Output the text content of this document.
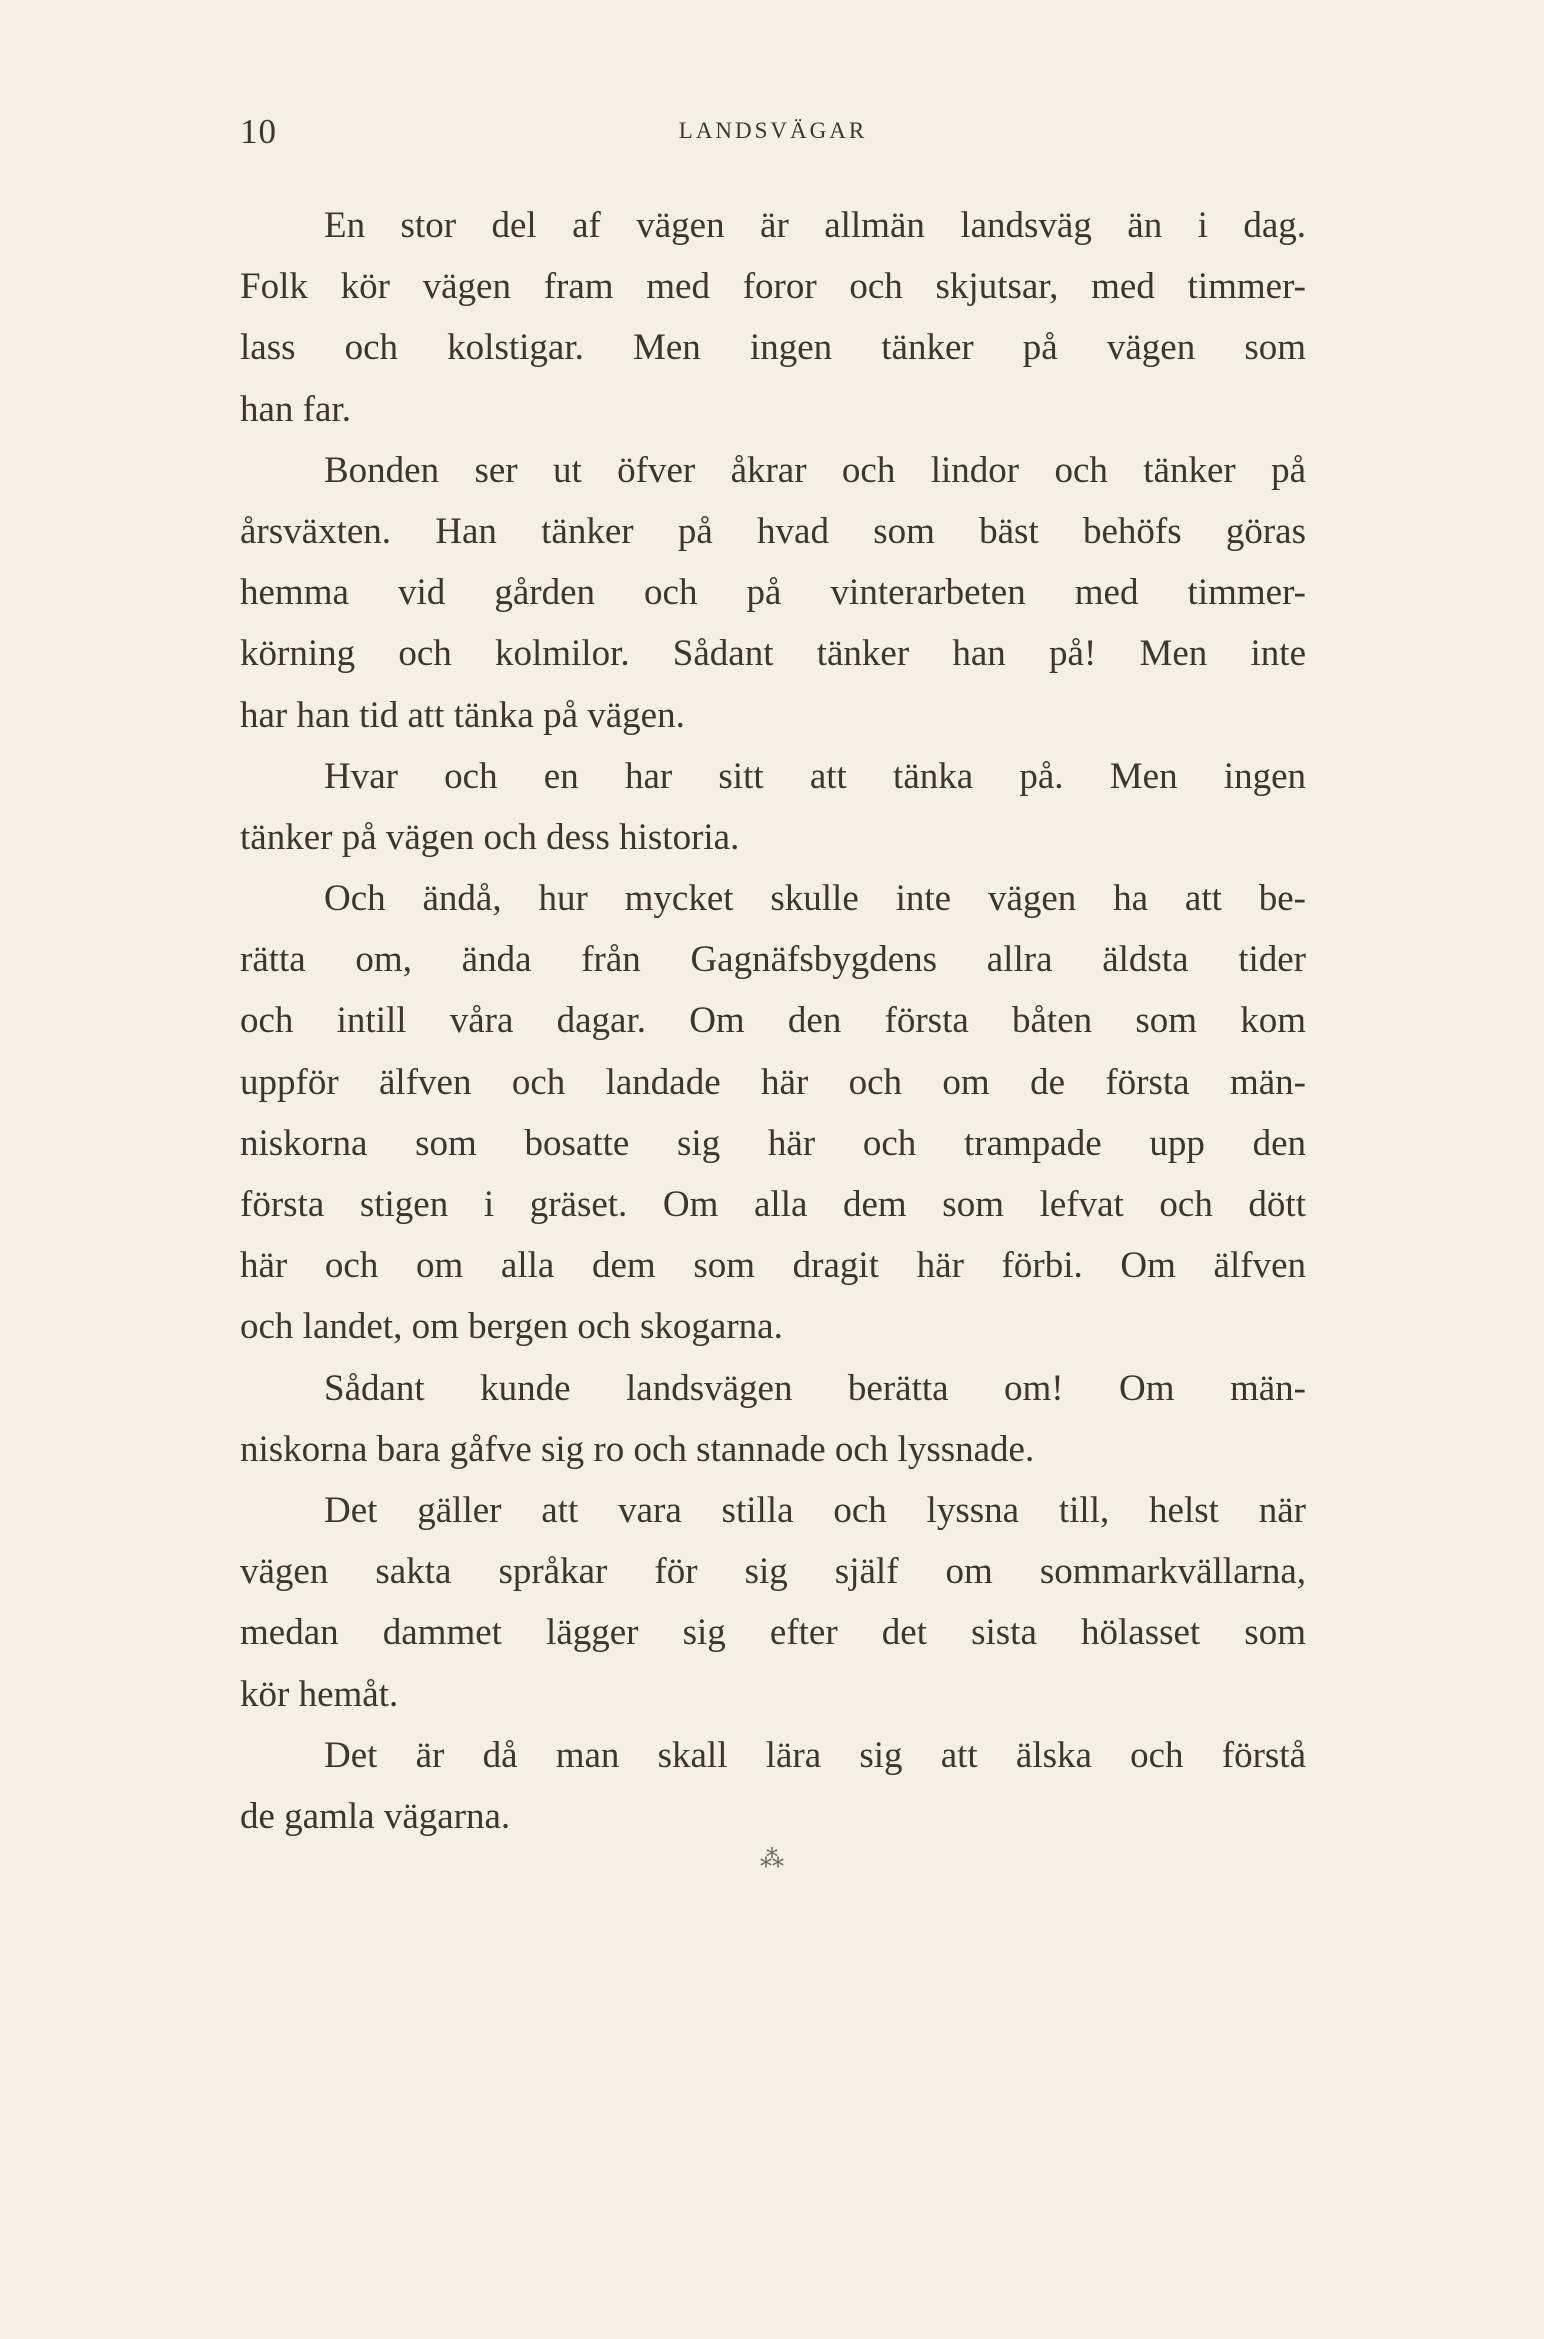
10	LANDSVÄGAR
En stor del af vägen är allmän landsväg än i dag.
Folk kör vägen fram med foror och skjutsar, med timmer-
lass och kolstigar. Men ingen tänker på vägen som
han far.
Bonden ser ut öfver åkrar och lindor och tänker på
årsväxten. Han tänker på hvad som bäst behöfs göras
hemma vid gården och på vinterarbeten med timmer-
körning och kolmilor. Sådant tänker han på! Men inte
har han tid att tänka på vägen.
Hvar och en har sitt att tänka på. Men ingen
tänker på vägen och dess historia.
Och ändå, hur mycket skulle inte vägen ha att be-
rätta om, ända från Gagnäfsbygdens allra äldsta tider
och intill våra dagar. Om den första båten som kom
uppför älfven och landade här och om de första män-
niskorna som bosatte sig här och trampade upp den
första stigen i gräset. Om alla dem som lefvat och dött
här och om alla dem som dragit här förbi. Om älfven
och landet, om bergen och skogarna.
Sådant kunde landsvägen berätta om! Om män-
niskorna bara gåfve sig ro och stannade och lyssnade.
Det gäller att vara stilla och lyssna till, helst när
vägen sakta språkar för sig själf om sommarkvällarna,
medan dammet lägger sig efter det sista hölasset som
kör hemåt.
Det är då man skall lära sig att älska och förstå
de gamla vägarna.
⁂
